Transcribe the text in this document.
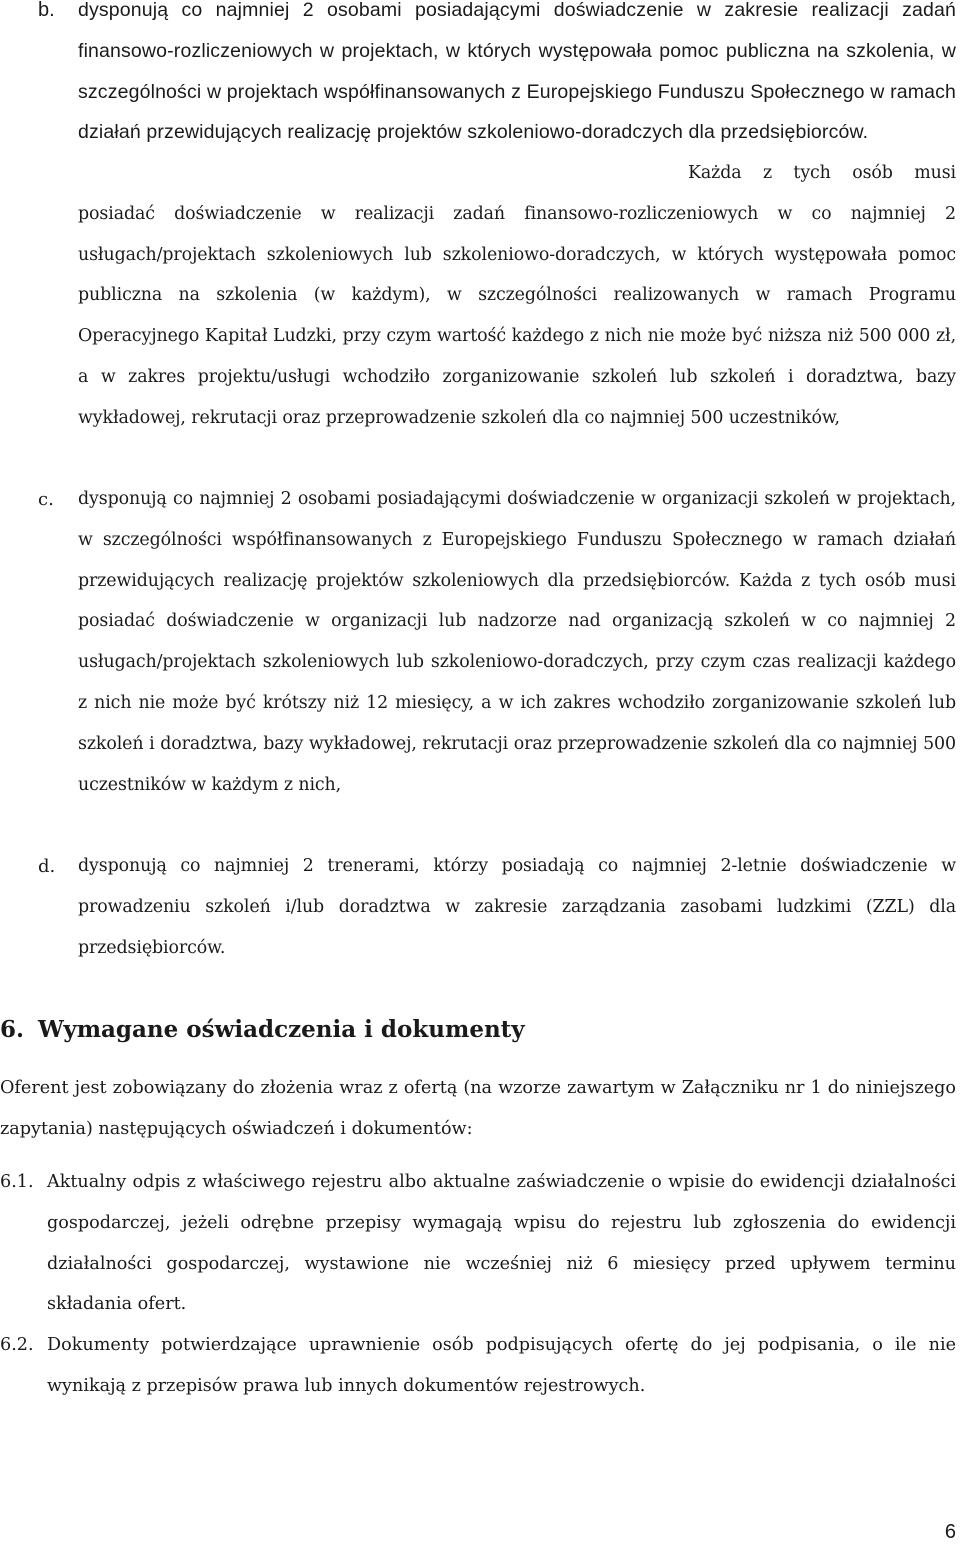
b. dysponują co najmniej 2 osobami posiadającymi doświadczenie w zakresie realizacji zadań finansowo-rozliczeniowych w projektach, w których występowała pomoc publiczna na szkolenia, w szczególności w projektach współfinansowanych z Europejskiego Funduszu Społecznego w ramach działań przewidujących realizację projektów szkoleniowo-doradczych dla przedsiębiorców.

c. dysponują co najmniej 2 osobami posiadającymi doświadczenie w organizacji szkoleń w projektach, w szczególności współfinansowanych z Europejskiego Funduszu Społecznego w ramach działań przewidujących realizację projektów szkoleniowych dla przedsiębiorców. Każda z tych osób musi posiadać doświadczenie w organizacji lub nadzorze nad organizacją szkoleń w co najmniej 2 usługach/projektach szkoleniowych lub szkoleniowo-doradczych, przy czym czas realizacji każdego z nich nie może być krótszy niż 12 miesięcy, a w ich zakres wchodziło zorganizowanie szkoleń lub szkoleń i doradztwa, bazy wykładowej, rekrutacji oraz przeprowadzenie szkoleń dla co najmniej 500 uczestników w każdym z nich,

d. dysponują co najmniej 2 trenerami, którzy posiadają co najmniej 2-letnie doświadczenie w prowadzeniu szkoleń i/lub doradztwa w zakresie zarządzania zasobami ludzkimi (ZZL) dla przedsiębiorców.

6. Wymagane oświadczenia i dokumenty

Oferent jest zobowiązany do złożenia wraz z ofertą (na wzorze zawartym w Załączniku nr 1 do niniejszego zapytania) następujących oświadczeń i dokumentów:

6.1. Aktualny odpis z właściwego rejestru albo aktualne zaświadczenie o wpisie do ewidencji działalności gospodarczej, jeżeli odrębne przepisy wymagają wpisu do rejestru lub zgłoszenia do ewidencji działalności gospodarczej, wystawione nie wcześniej niż 6 miesięcy przed upływem terminu składania ofert.

6.2. Dokumenty potwierdzające uprawnienie osób podpisujących ofertę do jej podpisania, o ile nie wynikają z przepisów prawa lub innych dokumentów rejestrowych.

6

Każda z tych osób musi posiadać doświadczenie w realizacji zadań finansowo-rozliczeniowych w co najmniej 2 usługach/projektach szkoleniowych lub szkoleniowo-doradczych, w których występowała pomoc publiczna na szkolenia (w każdym), w szczególności realizowanych w ramach Programu Operacyjnego Kapitał Ludzki, przy czym wartość każdego z nich nie może być niższa niż 500 000 zł, a w zakres projektu/usługi wchodziło zorganizowanie szkoleń lub szkoleń i doradztwa, bazy wykładowej, rekrutacji oraz przeprowadzenie szkoleń dla co najmniej 500 uczestników,
